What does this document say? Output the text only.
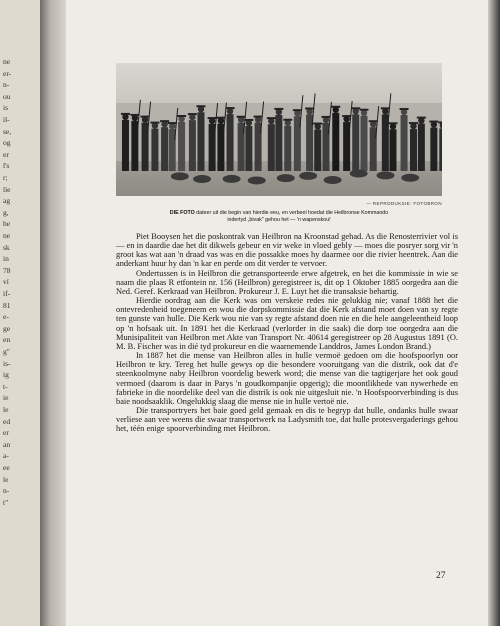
ne
er-
n-
ou
is
il-
se,
og
er
l's
r;
lie
ag
g,
he
ne
sk
in
78
ví
if-
81
e-
ge
en
g"
is-
ig
t-
ie
le
ed
er
an
a-
ee
le
n-
t"
— REPRODUKSIE: FOTOBRON
DIE FOTO dateer uit die begin van hierdie eeu, en verbeel hoedat die Heilbronse Kommando
indertyd „bivak" gehou het — 'n wapenskou!

Piet Booysen het die poskontrak van Heilbron na Kroonstad gehad. As die Renosterrivier vol is — en in daardie dae het dit dikwels gebeur en vir weke in vloed gebly — moes die posryer sorg vir 'n groot kas wat aan 'n draad vas was en die possakke moes hy daarmee oor die rivier heentrek. Aan die anderkant huur hy dan 'n kar en perde om dit verder te vervoer.

Ondertussen is in Heilbron die getransporteerde erwe afgetrek, en het die kommissie in wie se naam die plaas R etfontein nr. 156 (Heilbron) geregistreer is, dit op 1 Oktober 1885 oorgedra aan die Ned. Geref. Kerkraad van Heilbron. Prokureur J. E. Luyt het die transaksie behartig.

Hierdie oordrag aan die Kerk was om verskeie redes nie gelukkig nie; vanaf 1888 het die ontevredenheid toegeneem en wou die dorpskommissie dat die Kerk afstand moet doen van sy regte ten gunste van hulle. Die Kerk wou nie van sy regte afstand doen nie en die hele aangeleentheid loop op 'n hofsaak uit. In 1891 het die Kerkraad (verlorder in die saak) die dorp toe oorgedra aan die Munisipaliteit van Heilbron met Akte van Transport Nr. 40614 geregistreer op 28 Augustus 1891 (O. M. B. Fischer was in dié tyd prokureur en die waarnemende Landdros, James London Brand.)

In 1887 het die mense van Heilbron alles in hulle vermoë gedoen om die hoofspoorlyn oor Heilbron te kry. Tereg het hulle gewys op die besondere vooruitgang van die distrik, ook dat d'e steenkoolmyne naby Heilbron voordelig bewerk word; die mense van die tagtigerjare het ook goud vermoed (daarom is daar in Parys 'n goudkompanjie opgerig); die moontlikhede van nywerhede en fabrieke in die noordelike deel van die distrik is ook nie uitgesluit nie. 'n Hoofspoorverbinding is dus baie noodsaaklik. Ongelukkig slaag die mense nie in hulle vertoë nie.

Die transportryers het baie goed geld gemaak en dis te begryp dat hulle, ondanks hulle swaar verliese aan vee weens die swaar transportwerk na Ladysmith toe, dat hulle protesvergaderings gehou het, téén enige spoorverbinding met Heilbron.

27
